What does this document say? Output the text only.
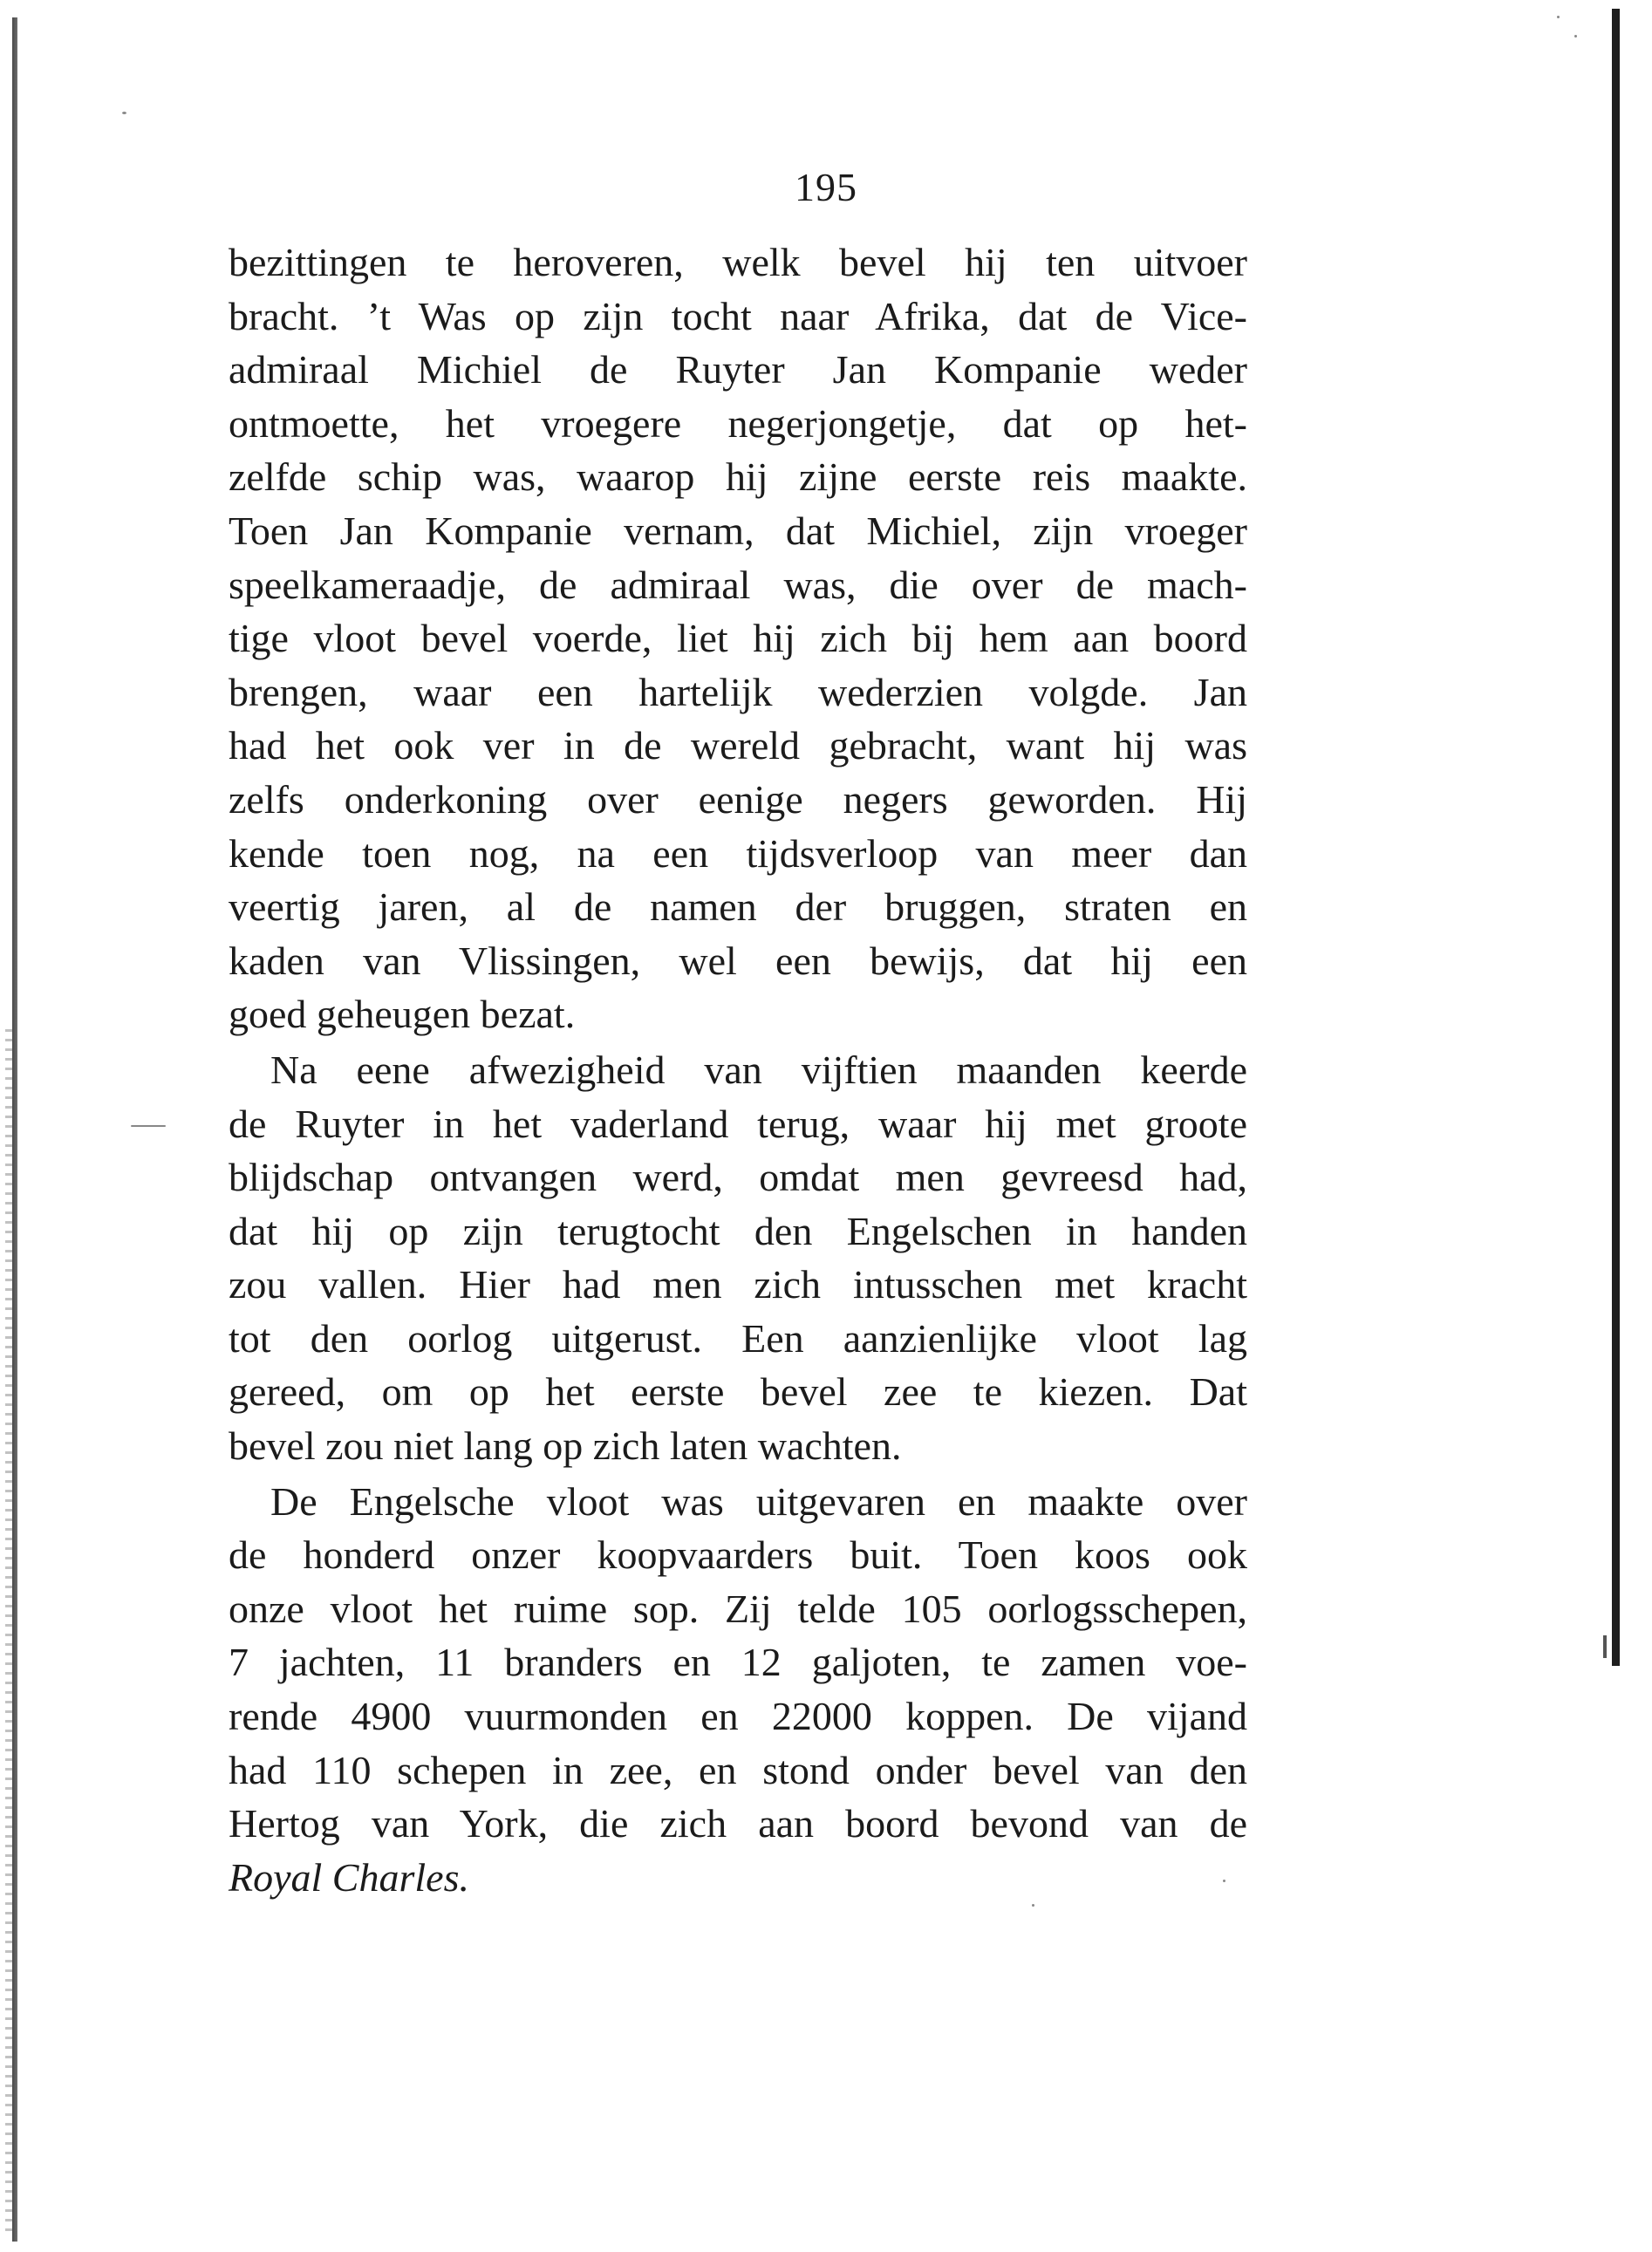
195
bezittingen te heroveren, welk bevel hij ten uitvoer
bracht. ’t Was op zijn tocht naar Afrika, dat de Vice-
admiraal Michiel de Ruyter Jan Kompanie weder
ontmoette, het vroegere negerjongetje, dat op het-
zelfde schip was, waarop hij zijne eerste reis maakte.
Toen Jan Kompanie vernam, dat Michiel, zijn vroeger
speelkameraadje, de admiraal was, die over de mach-
tige vloot bevel voerde, liet hij zich bij hem aan boord
brengen, waar een hartelijk wederzien volgde. Jan
had het ook ver in de wereld gebracht, want hij was
zelfs onderkoning over eenige negers geworden. Hij
kende toen nog, na een tijdsverloop van meer dan
veertig jaren, al de namen der bruggen, straten en
kaden van Vlissingen, wel een bewijs, dat hij een
goed geheugen bezat.
Na eene afwezigheid van vijftien maanden keerde
de Ruyter in het vaderland terug, waar hij met groote
blijdschap ontvangen werd, omdat men gevreesd had,
dat hij op zijn terugtocht den Engelschen in handen
zou vallen. Hier had men zich intusschen met kracht
tot den oorlog uitgerust. Een aanzienlijke vloot lag
gereed, om op het eerste bevel zee te kiezen. Dat
bevel zou niet lang op zich laten wachten.
De Engelsche vloot was uitgevaren en maakte over
de honderd onzer koopvaarders buit. Toen koos ook
onze vloot het ruime sop. Zij telde 105 oorlogsschepen,
7 jachten, 11 branders en 12 galjoten, te zamen voe-
rende 4900 vuurmonden en 22000 koppen. De vijand
had 110 schepen in zee, en stond onder bevel van den
Hertog van York, die zich aan boord bevond van de
Royal Charles.
